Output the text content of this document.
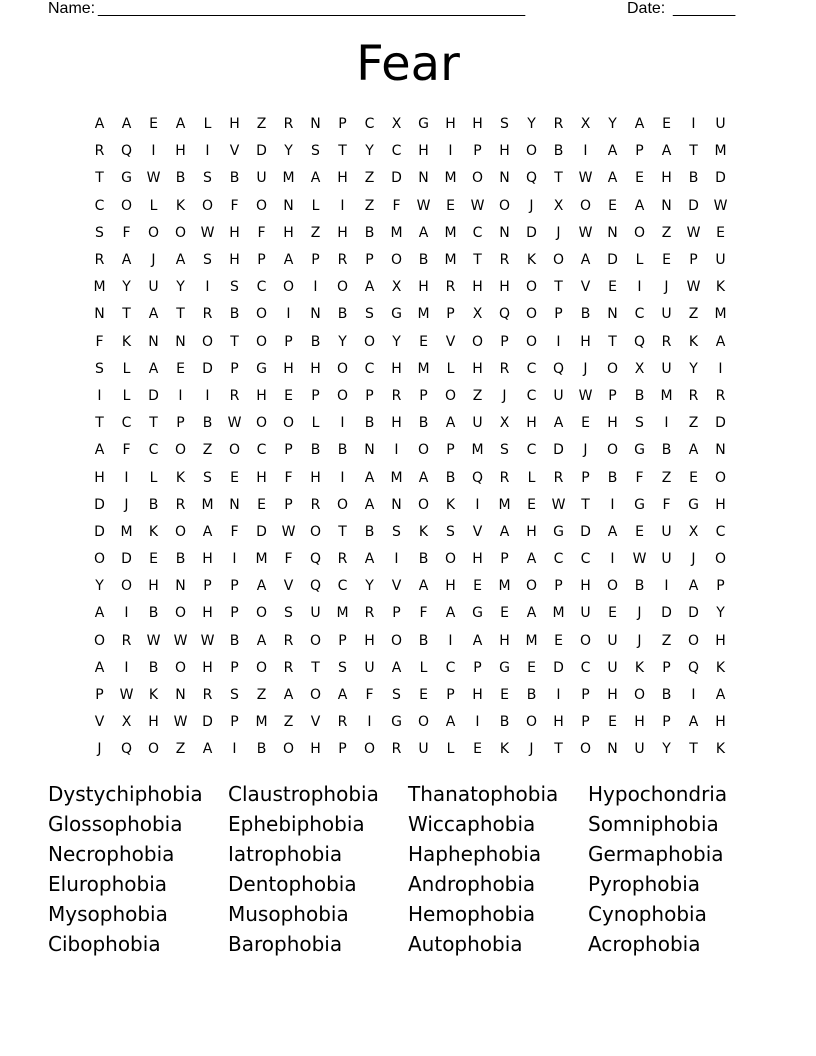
Name: ________________________________________________	Date: _______
Fear
A	A	E	A	L	H	Z	R	N	P	C	X	G	H	H	S	Y	R	X	Y	A	E	I	U
R	Q	I	H	I	V	D	Y	S	T	Y	C	H	I	P	H	O	B	I	A	P	A	T	M
T	G	W	B	S	B	U	M	A	H	Z	D	N	M	O	N	Q	T	W	A	E	H	B	D
C	O	L	K	O	F	O	N	L	I	Z	F	W	E	W	O	J	X	O	E	A	N	D	W
S	F	O	O	W	H	F	H	Z	H	B	M	A	M	C	N	D	J	W	N	O	Z	W	E
R	A	J	A	S	H	P	A	P	R	P	O	B	M	T	R	K	O	A	D	L	E	P	U
M	Y	U	Y	I	S	C	O	I	O	A	X	H	R	H	H	O	T	V	E	I	J	W	K
N	T	A	T	R	B	O	I	N	B	S	G	M	P	X	Q	O	P	B	N	C	U	Z	M
F	K	N	N	O	T	O	P	B	Y	O	Y	E	V	O	P	O	I	H	T	Q	R	K	A
S	L	A	E	D	P	G	H	H	O	C	H	M	L	H	R	C	Q	J	O	X	U	Y	I
I	L	D	I	I	R	H	E	P	O	P	R	P	O	Z	J	C	U	W	P	B	M	R	R
T	C	T	P	B	W	O	O	L	I	B	H	B	A	U	X	H	A	E	H	S	I	Z	D
A	F	C	O	Z	O	C	P	B	B	N	I	O	P	M	S	C	D	J	O	G	B	A	N
H	I	L	K	S	E	H	F	H	I	A	M	A	B	Q	R	L	R	P	B	F	Z	E	O
D	J	B	R	M	N	E	P	R	O	A	N	O	K	I	M	E	W	T	I	G	F	G	H
D	M	K	O	A	F	D	W	O	T	B	S	K	S	V	A	H	G	D	A	E	U	X	C
O	D	E	B	H	I	M	F	Q	R	A	I	B	O	H	P	A	C	C	I	W	U	J	O
Y	O	H	N	P	P	A	V	Q	C	Y	V	A	H	E	M	O	P	H	O	B	I	A	P
A	I	B	O	H	P	O	S	U	M	R	P	F	A	G	E	A	M	U	E	J	D	D	Y
O	R	W W W	B	A	R	O	P	H	O	B	I	A	H	M	E	O	U	J	Z	O	H
A	I	B	O	H	P	O	R	T	S	U	A	L	C	P	G	E	D	C	U	K	P	Q	K
P	W	K	N	R	S	Z	A	O	A	F	S	E	P	H	E	B	I	P	H	O	B	I	A
V	X	H	W	D	P	M	Z	V	R	I	G	O	A	I	B	O	H	P	E	H	P	A	H
J	Q	O	Z	A	I	B	O	H	P	O	R	U	L	E	K	J	T	O	N	U	Y	T	K
Dystychiphobia	Claustrophobia	Thanatophobia	Hypochondria
Glossophobia	Ephebiphobia	Wiccaphobia	Somniphobia
Necrophobia	Iatrophobia	Haphephobia	Germaphobia
Elurophobia	Dentophobia	Androphobia	Pyrophobia
Mysophobia	Musophobia	Hemophobia	Cynophobia
Cibophobia	Barophobia	Autophobia	Acrophobia
